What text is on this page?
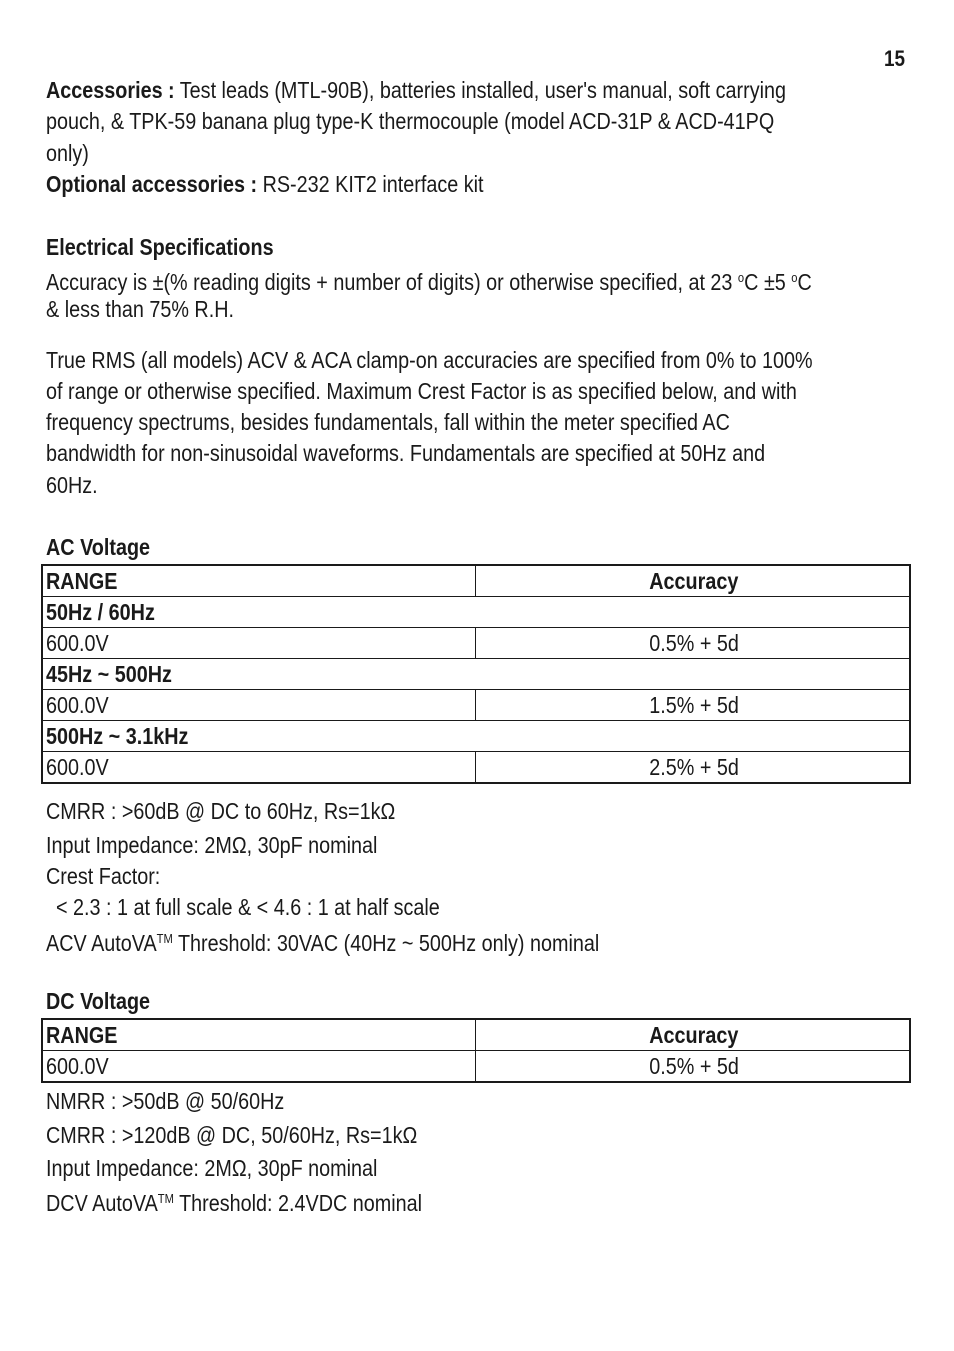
15
Accessories : Test leads (MTL-90B), batteries installed, user's manual, soft carrying
pouch, & TPK-59 banana plug type-K thermocouple (model ACD-31P & ACD-41PQ
only)
Optional accessories : RS-232 KIT2 interface kit
Electrical Specifications
Accuracy is ±(% reading digits + number of digits) or otherwise specified, at 23 $^o$C ±5 $^o$C
& less than 75% R.H.
True RMS (all models) ACV & ACA clamp-on accuracies are specified from 0% to 100%
of range or otherwise specified. Maximum Crest Factor is as specified below, and with
frequency spectrums, besides fundamentals, fall within the meter specified AC
bandwidth for non-sinusoidal waveforms. Fundamentals are specified at 50Hz and
60Hz.
AC Voltage
RANGE	Accuracy
50Hz / 60Hz	
600.0V	0.5% + 5d
45Hz ~ 500Hz	
600.0V	1.5% + 5d
500Hz ~ 3.1kHz	
600.0V	2.5% + 5d
CMRR : >60dB @ DC to 60Hz, Rs=1kΩ
Input Impedance: 2MΩ, 30pF nominal
Crest Factor:
< 2.3 : 1 at full scale & < 4.6 : 1 at half scale
ACV AutoVA™ Threshold: 30VAC (40Hz ~ 500Hz only) nominal
DC Voltage
RANGE	Accuracy
600.0V	0.5% + 5d
NMRR : >50dB @ 50/60Hz
CMRR : >120dB @ DC, 50/60Hz, Rs=1kΩ
Input Impedance: 2MΩ, 30pF nominal
DCV AutoVA™ Threshold: 2.4VDC nominal
